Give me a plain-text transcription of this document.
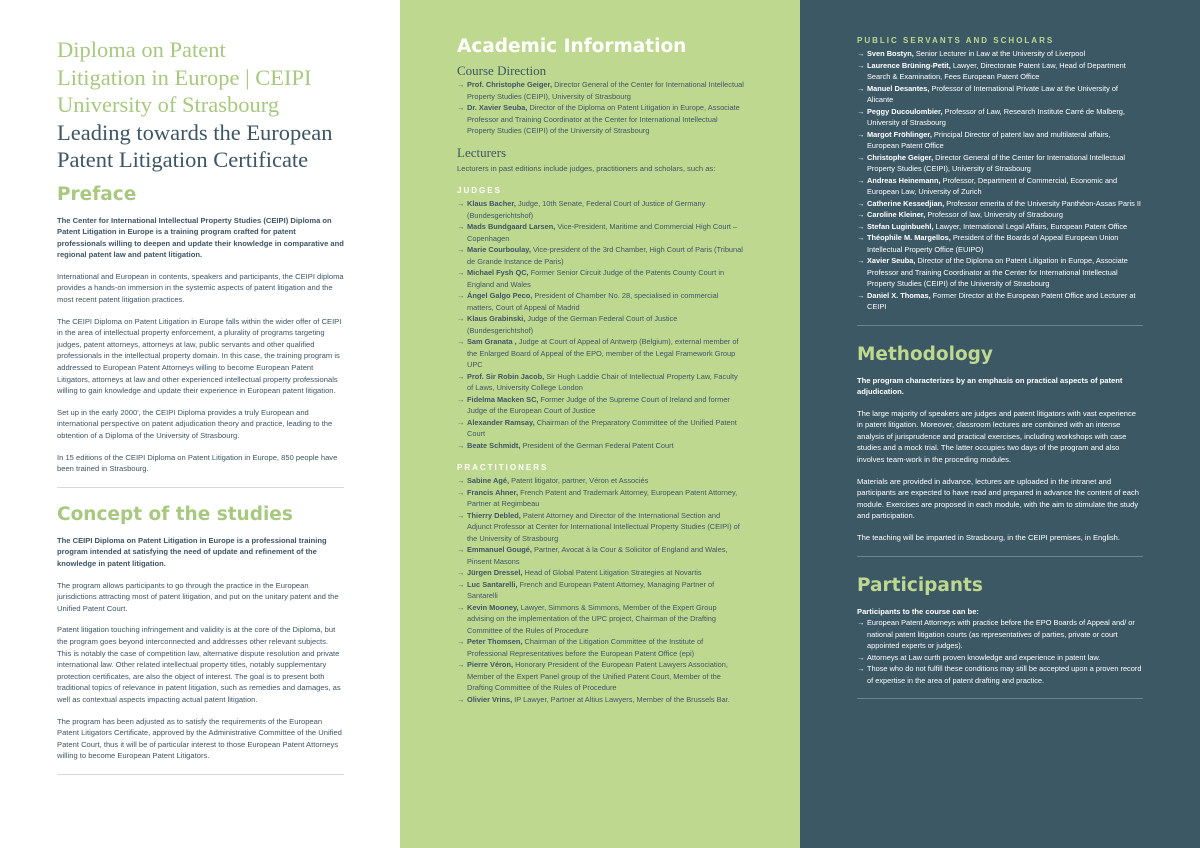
Diploma on Patent
Litigation in Europe | CEIPI
University of Strasbourg
Leading towards the European
Patent Litigation Certificate
Preface
The Center for International Intellectual Property Studies (CEIPI) Diploma on Patent Litigation in Europe is a training program crafted for patent professionals willing to deepen and update their knowledge in comparative and regional patent law and patent litigation.
International and European in contents, speakers and participants, the CEIPI diploma provides a hands-on immersion in the systemic aspects of patent litigation and the most recent patent litigation practices.
The CEIPI Diploma on Patent Litigation in Europe falls within the wider offer of CEIPI in the area of intellectual property enforcement, a plurality of programs targeting judges, patent attorneys, attorneys at law, public servants and other qualified professionals in the intellectual property domain. In this case, the training program is addressed to European Patent Attorneys willing to become European Patent Litigators, attorneys at law and other experienced intellectual property professionals willing to gain knowledge and update their experience in European patent litigation.
Set up in the early 2000', the CEIPI Diploma provides a truly European and international perspective on patent adjudication theory and practice, leading to the obtention of a Diploma of the University of Strasbourg.
In 15 editions of the CEIPI Diploma on Patent Litigation in Europe, 850 people have been trained in Strasbourg.
Concept of the studies
The CEIPI Diploma on Patent Litigation in Europe is a professional training program intended at satisfying the need of update and refinement of the knowledge in patent litigation.
The program allows participants to go through the practice in the European jurisdictions attracting most of patent litigation, and put on the unitary patent and the Unified Patent Court.
Patent litigation touching infringement and validity is at the core of the Diploma, but the program goes beyond interconnected and addresses other relevant subjects. This is notably the case of competition law, alternative dispute resolution and private international law. Other related intellectual property titles, notably supplementary protection certificates, are also the object of interest. The goal is to present both traditional topics of relevance in patent litigation, such as remedies and damages, as well as contextual aspects impacting actual patent litigation.
The program has been adjusted as to satisfy the requirements of the European Patent Litigators Certificate, approved by the Administrative Committee of the Unified Patent Court, thus it will be of particular interest to those European Patent Attorneys willing to become European Patent Litigators.
Academic Information
Course Direction
→ Prof. Christophe Geiger, Director General of the Center for International Intellectual Property Studies (CEIPI), University of Strasbourg
→ Dr. Xavier Seuba, Director of the Diploma on Patent Litigation in Europe, Associate Professor and Training Coordinator at the Center for International Intellectual Property Studies (CEIPI) of the University of Strasbourg
Lecturers
Lecturers in past editions include judges, practitioners and scholars, such as:
JUDGES
→ Klaus Bacher, Judge, 10th Senate, Federal Court of Justice of Germany (Bundesgerichtshof)
→ Mads Bundgaard Larsen, Vice-President, Maritime and Commercial High Court – Copenhagen
→ Marie Courboulay, Vice-president of the 3rd Chamber, High Court of Paris (Tribunal de Grande Instance de Paris)
→ Michael Fysh QC, Former Senior Circuit Judge of the Patents County Court in England and Wales
→ Ángel Galgo Peco, President of Chamber No. 28, specialised in commercial matters, Court of Appeal of Madrid
→ Klaus Grabinski, Judge of the German Federal Court of Justice (Bundesgerichtshof)
→ Sam Granata , Judge at Court of Appeal of Antwerp (Belgium), external member of the Enlarged Board of Appeal of the EPO, member of the Legal Framework Group UPC
→ Prof. Sir Robin Jacob, Sir Hugh Laddie Chair of Intellectual Property Law, Faculty of Laws, University College London
→ Fidelma Macken SC, Former Judge of the Supreme Court of Ireland and former Judge of the European Court of Justice
→ Alexander Ramsay, Chairman of the Preparatory Committee of the Unified Patent Court
→ Beate Schmidt, President of the German Federal Patent Court
PRACTITIONERS
→ Sabine Agé, Patent litigator, partner, Véron et Associés
→ Francis Ahner, French Patent and Trademark Attorney, European Patent Attorney, Partner at Regimbeau
→ Thierry Debled, Patent Attorney and Director of the International Section and Adjunct Professor at Center for International Intellectual Property Studies (CEIPI) of the University of Strasbourg
→ Emmanuel Gougé, Partner, Avocat à la Cour & Solicitor of England and Wales, Pinsent Masons
→ Jürgen Dressel, Head of Global Patent Litigation Strategies at Novartis
→ Luc Santarelli, French and European Patent Attorney, Managing Partner of Santarelli
→ Kevin Mooney, Lawyer, Simmons & Simmons, Member of the Expert Group advising on the implementation of the UPC project, Chairman of the Drafting Committee of the Rules of Procedure
→ Peter Thomsen, Chairman of the Litigation Committee of the Institute of Professional Representatives before the European Patent Office (epi)
→ Pierre Véron, Honorary President of the European Patent Lawyers Association, Member of the Expert Panel group of the Unified Patent Court, Member of the Drafting Committee of the Rules of Procedure
→ Olivier Vrins, IP Lawyer, Partner at Altius Lawyers, Member of the Brussels Bar.
PUBLIC SERVANTS AND SCHOLARS
→ Sven Bostyn, Senior Lecturer in Law at the University of Liverpool
→ Laurence Brüning-Petit, Lawyer, Directorate Patent Law, Head of Department Search & Examination, Fees European Patent Office
→ Manuel Desantes, Professor of International Private Law at the University of Alicante
→ Peggy Ducoulombier, Professor of Law, Research Institute Carré de Malberg, University of Strasbourg
→ Margot Fröhlinger, Principal Director of patent law and multilateral affairs, European Patent Office
→ Christophe Geiger, Director General of the Center for International Intellectual Property Studies (CEIPI), University of Strasbourg
→ Andreas Heinemann, Professor, Department of Commercial, Economic and European Law, University of Zurich
→ Catherine Kessedjian, Professor emerita of the University Panthéon-Assas Paris II
→ Caroline Kleiner, Professor of law, University of Strasbourg
→ Stefan Luginbuehl, Lawyer, International Legal Affairs, European Patent Office
→ Théophile M. Margellos, President of the Boards of Appeal European Union Intellectual Property Office (EUIPO)
→ Xavier Seuba, Director of the Diploma on Patent Litigation in Europe, Associate Professor and Training Coordinator at the Center for International Intellectual Property Studies (CEIPI) of the University of Strasbourg
→ Daniel X. Thomas, Former Director at the European Patent Office and Lecturer at CEIPI
Methodology
The program characterizes by an emphasis on practical aspects of patent adjudication.
The large majority of speakers are judges and patent litigators with vast experience in patent litigation. Moreover, classroom lectures are combined with an intense analysis of jurisprudence and practical exercises, including workshops with case studies and a mock trial. The latter occupies two days of the program and also involves team-work in the proceding modules.
Materials are provided in advance, lectures are uploaded in the intranet and participants are expected to have read and prepared in advance the content of each module. Exercises are proposed in each module, with the aim to stimulate the study and participation.
The teaching will be imparted in Strasbourg, in the CEIPI premises, in English.
Participants
Participants to the course can be:
→ European Patent Attorneys with practice before the EPO Boards of Appeal and/ or national patent litigation courts (as representatives of parties, private or court appointed experts or judges).
→ Attorneys at Law curth proven knowledge and experience in patent law.
→ Those who do not fulfill these conditions may still be accepted upon a proven record of expertise in the area of patent drafting and practice.
